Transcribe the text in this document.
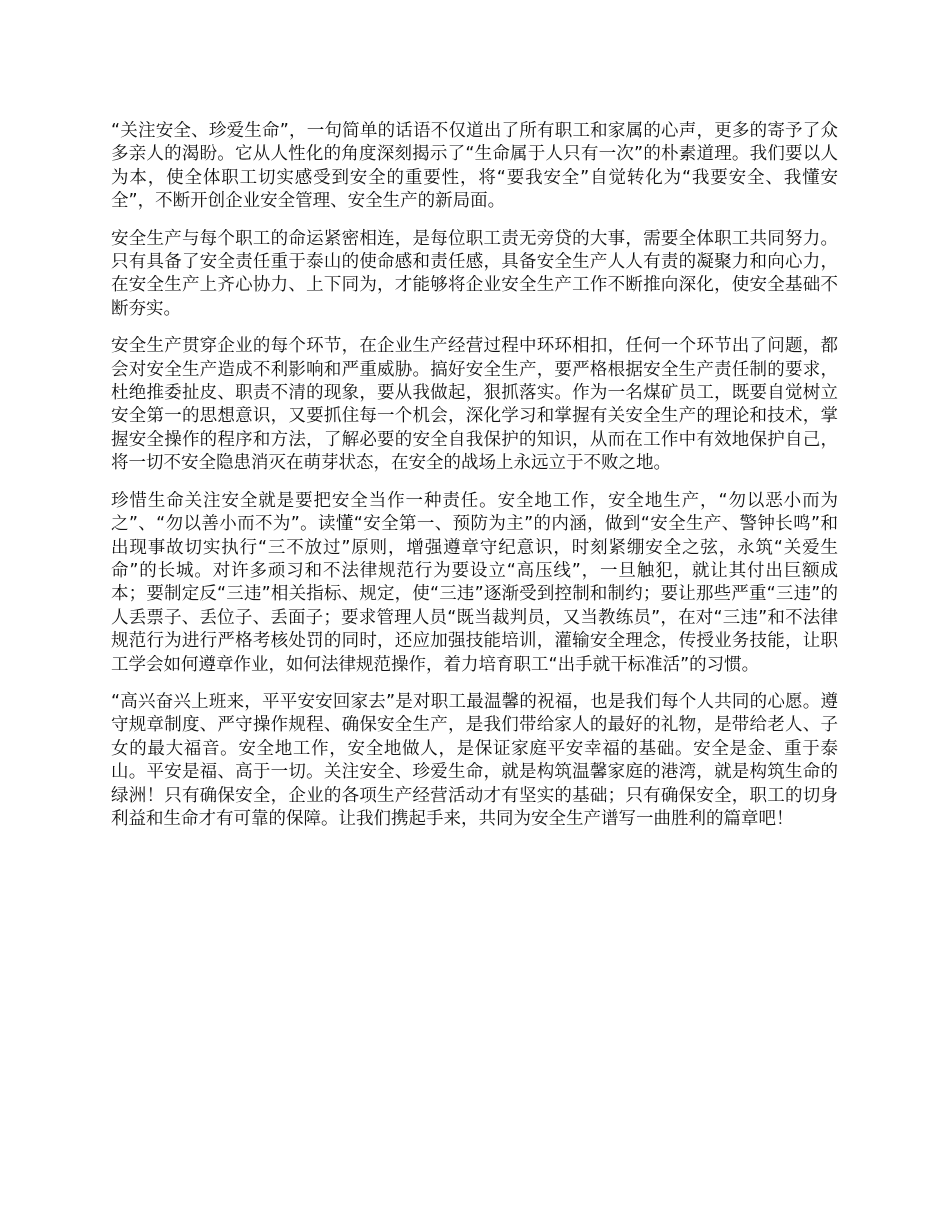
“关注安全、珍爱生命”，一句简单的话语不仅道出了所有职工和家属的心声，更多的寄予了众多亲人的渴盼。它从人性化的角度深刻揭示了“生命属于人只有一次”的朴素道理。我们要以人为本，使全体职工切实感受到安全的重要性，将“要我安全”自觉转化为“我要安全、我懂安全”，不断开创企业安全管理、安全生产的新局面。

安全生产与每个职工的命运紧密相连，是每位职工责无旁贷的大事，需要全体职工共同努力。只有具备了安全责任重于泰山的使命感和责任感，具备安全生产人人有责的凝聚力和向心力，在安全生产上齐心协力、上下同为，才能够将企业安全生产工作不断推向深化，使安全基础不断夯实。

安全生产贯穿企业的每个环节，在企业生产经营过程中环环相扣，任何一个环节出了问题，都会对安全生产造成不利影响和严重威胁。搞好安全生产，要严格根据安全生产责任制的要求，杜绝推委扯皮、职责不清的现象，要从我做起，狠抓落实。作为一名煤矿员工，既要自觉树立安全第一的思想意识，又要抓住每一个机会，深化学习和掌握有关安全生产的理论和技术，掌握安全操作的程序和方法，了解必要的安全自我保护的知识，从而在工作中有效地保护自己，将一切不安全隐患消灭在萌芽状态，在安全的战场上永远立于不败之地。

珍惜生命关注安全就是要把安全当作一种责任。安全地工作，安全地生产，“勿以恶小而为之”、“勿以善小而不为”。读懂“安全第一、预防为主”的内涵，做到“安全生产、警钟长鸣”和出现事故切实执行“三不放过”原则，增强遵章守纪意识，时刻紧绷安全之弦，永筑“关爱生命”的长城。对许多顽习和不法律规范行为要设立“高压线”，一旦触犯，就让其付出巨额成本；要制定反“三违”相关指标、规定，使“三违”逐渐受到控制和制约；要让那些严重“三违”的人丢票子、丢位子、丢面子；要求管理人员“既当裁判员，又当教练员”，在对“三违”和不法律规范行为进行严格考核处罚的同时，还应加强技能培训，灌输安全理念，传授业务技能，让职工学会如何遵章作业，如何法律规范操作，着力培育职工“出手就干标准活”的习惯。

“高兴奋兴上班来，平平安安回家去”是对职工最温馨的祝福，也是我们每个人共同的心愿。遵守规章制度、严守操作规程、确保安全生产，是我们带给家人的最好的礼物，是带给老人、子女的最大福音。安全地工作，安全地做人，是保证家庭平安幸福的基础。安全是金、重于泰山。平安是福、高于一切。关注安全、珍爱生命，就是构筑温馨家庭的港湾，就是构筑生命的绿洲！只有确保安全，企业的各项生产经营活动才有坚实的基础；只有确保安全，职工的切身利益和生命才有可靠的保障。让我们携起手来，共同为安全生产谱写一曲胜利的篇章吧！
